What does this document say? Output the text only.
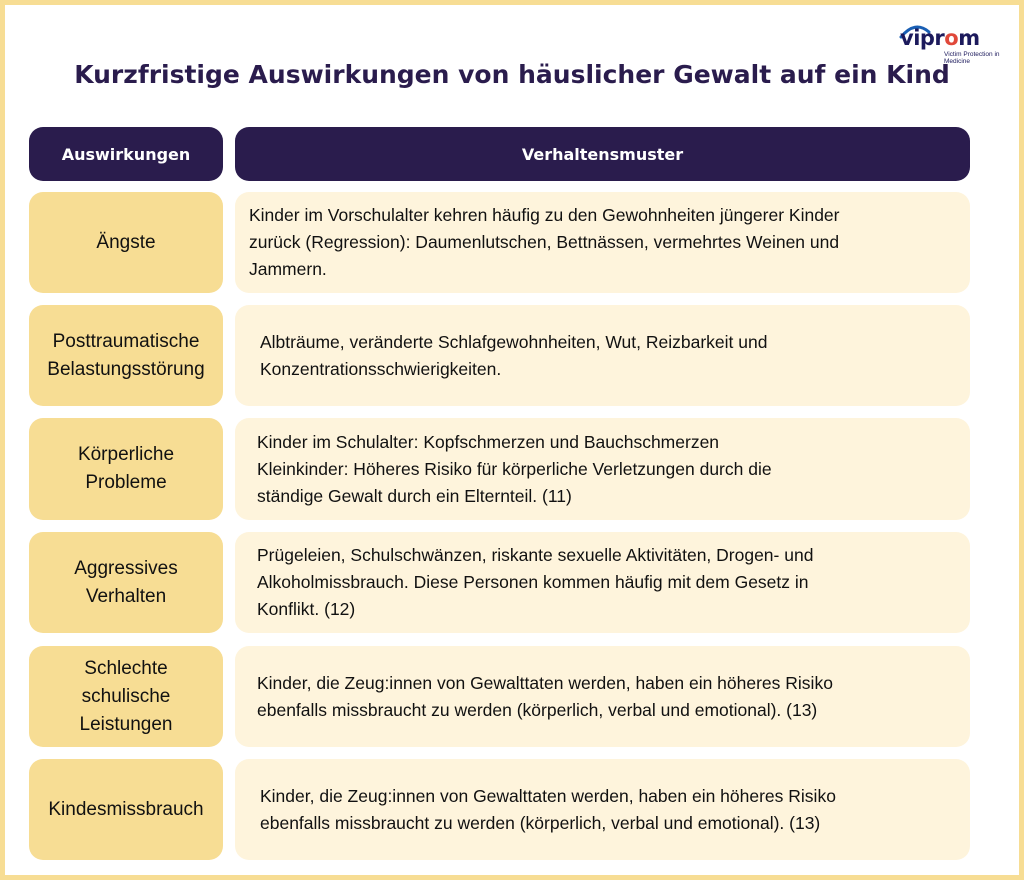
viprom
Victim Protection in Medicine
Kurzfristige Auswirkungen von häuslicher Gewalt auf ein Kind
Auswirkungen	Verhaltensmuster
Ängste
Kinder im Vorschulalter kehren häufig zu den Gewohnheiten jüngerer Kinder
zurück (Regression): Daumenlutschen, Bettnässen, vermehrtes Weinen und
Jammern.
Posttraumatische
Belastungsstörung
Albträume, veränderte Schlafgewohnheiten, Wut, Reizbarkeit und
Konzentrationsschwierigkeiten.
Körperliche
Probleme
Kinder im Schulalter: Kopfschmerzen und Bauchschmerzen
Kleinkinder: Höheres Risiko für körperliche Verletzungen durch die
ständige Gewalt durch ein Elternteil. (11)
Aggressives
Verhalten
Prügeleien, Schulschwänzen, riskante sexuelle Aktivitäten, Drogen- und
Alkoholmissbrauch. Diese Personen kommen häufig mit dem Gesetz in
Konflikt. (12)
Schlechte
schulische
Leistungen
Kinder, die Zeug:innen von Gewalttaten werden, haben ein höheres Risiko
ebenfalls missbraucht zu werden (körperlich, verbal und emotional). (13)
Kindesmissbrauch
Kinder, die Zeug:innen von Gewalttaten werden, haben ein höheres Risiko
ebenfalls missbraucht zu werden (körperlich, verbal und emotional). (13)
